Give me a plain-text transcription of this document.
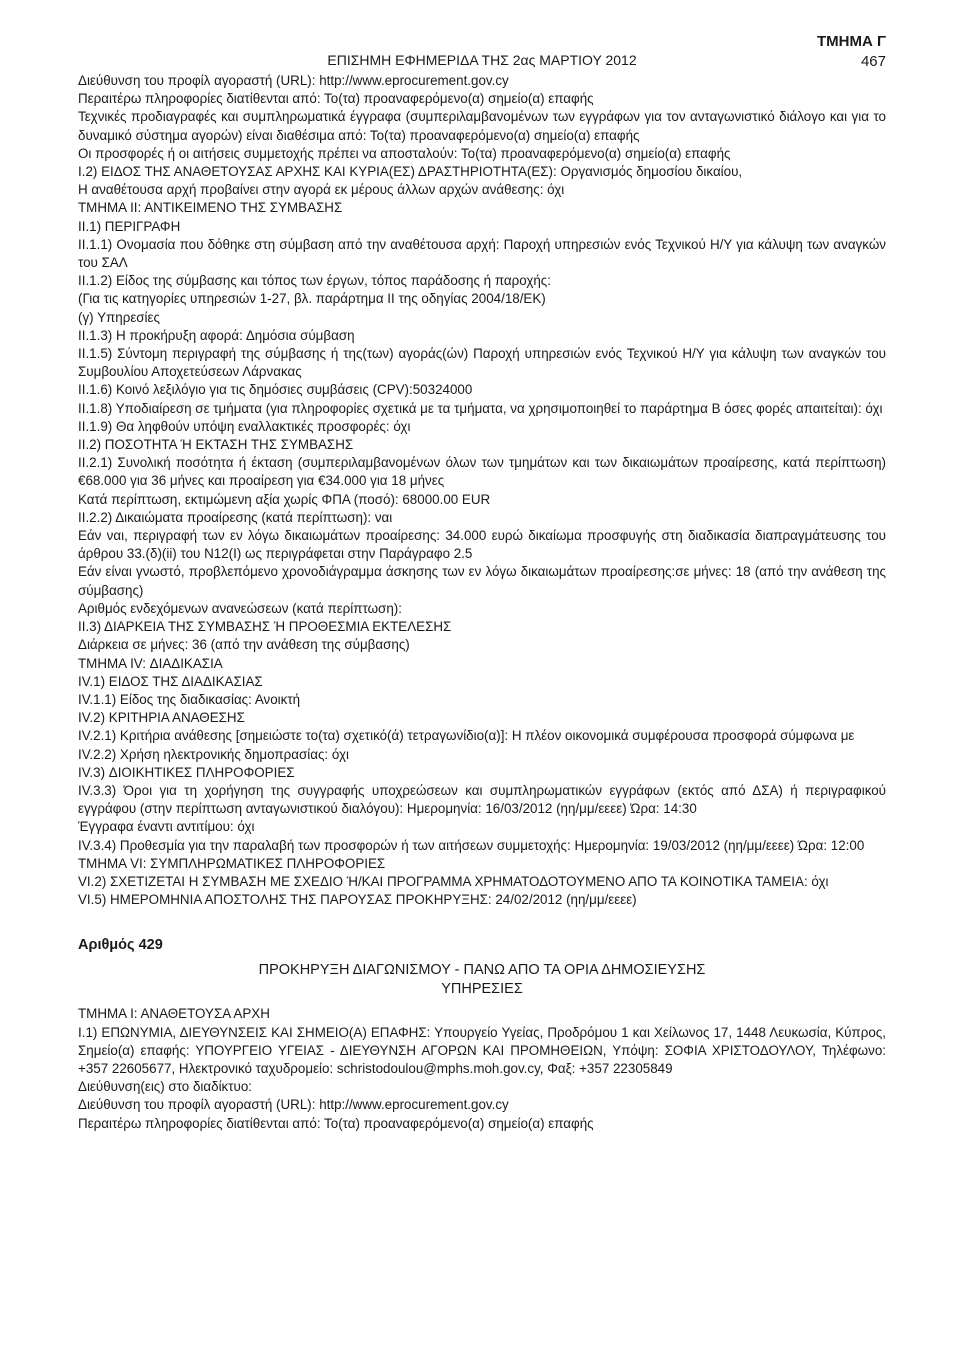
ΕΠΙΣΗΜΗ ΕΦΗΜΕΡΙΔΑ ΤΗΣ 2ας ΜΑΡΤΙΟΥ 2012
ΤΜΗΜΑ Γ
467
Διεύθυνση του προφίλ αγοραστή (URL): http://www.eprocurement.gov.cy
Περαιτέρω πληροφορίες διατίθενται από: Το(τα) προαναφερόμενο(α) σημείο(α) επαφής
Τεχνικές προδιαγραφές και συμπληρωματικά έγγραφα (συμπεριλαμβανομένων των εγγράφων για τον ανταγωνιστικό διάλογο και για το δυναμικό σύστημα αγορών) είναι διαθέσιμα από: Το(τα) προαναφερόμενο(α) σημείο(α) επαφής
Οι προσφορές ή οι αιτήσεις συμμετοχής πρέπει να αποσταλούν: Το(τα) προαναφερόμενο(α) σημείο(α) επαφής
Ι.2) ΕΙΔΟΣ ΤΗΣ ΑΝΑΘΕΤΟΥΣΑΣ ΑΡΧΗΣ ΚΑΙ ΚΥΡΙΑ(ΕΣ) ΔΡΑΣΤΗΡΙΟΤΗΤΑ(ΕΣ): Οργανισμός δημοσίου δικαίου,
Η αναθέτουσα αρχή προβαίνει στην αγορά εκ μέρους άλλων αρχών ανάθεσης: όχι
ΤΜΗΜΑ ΙΙ: ΑΝΤΙΚΕΙΜΕΝΟ ΤΗΣ ΣΥΜΒΑΣΗΣ
ΙΙ.1) ΠΕΡΙΓΡΑΦΗ
ΙΙ.1.1) Ονομασία που δόθηκε στη σύμβαση από την αναθέτουσα αρχή: Παροχή υπηρεσιών ενός Τεχνικού Η/Υ για κάλυψη των αναγκών του ΣΑΛ
ΙΙ.1.2) Είδος της σύμβασης και τόπος των έργων, τόπος παράδοσης ή παροχής:
(Για τις κατηγορίες υπηρεσιών 1-27, βλ. παράρτημα ΙΙ της οδηγίας 2004/18/ΕΚ)
(γ) Υπηρεσίες
ΙΙ.1.3) Η προκήρυξη αφορά: Δημόσια σύμβαση
ΙΙ.1.5) Σύντομη περιγραφή της σύμβασης ή της(των) αγοράς(ών) Παροχή υπηρεσιών ενός Τεχνικού Η/Υ για κάλυψη των αναγκών του Συμβουλίου Αποχετεύσεων Λάρνακας
ΙΙ.1.6) Κοινό λεξιλόγιο για τις δημόσιες συμβάσεις (CPV):50324000
ΙΙ.1.8) Υποδιαίρεση σε τμήματα (για πληροφορίες σχετικά με τα τμήματα, να χρησιμοποιηθεί το παράρτημα Β όσες φορές απαιτείται): όχι
ΙΙ.1.9) Θα ληφθούν υπόψη εναλλακτικές προσφορές: όχι
ΙΙ.2) ΠΟΣΟΤΗΤΑ Ή ΕΚΤΑΣΗ ΤΗΣ ΣΥΜΒΑΣΗΣ
ΙΙ.2.1) Συνολική ποσότητα ή έκταση (συμπεριλαμβανομένων όλων των τμημάτων και των δικαιωμάτων προαίρεσης, κατά περίπτωση)€68.000 για 36 μήνες και προαίρεση για €34.000 για 18 μήνες
Κατά περίπτωση, εκτιμώμενη αξία χωρίς ΦΠΑ (ποσό): 68000.00 EUR
ΙΙ.2.2) Δικαιώματα προαίρεσης (κατά περίπτωση): ναι
Εάν ναι, περιγραφή των εν λόγω δικαιωμάτων προαίρεσης: 34.000 ευρώ δικαίωμα προσφυγής στη διαδικασία διαπραγμάτευσης του άρθρου 33.(δ)(ii) του Ν12(Ι) ως περιγράφεται στην Παράγραφο 2.5
Εάν είναι γνωστό, προβλεπόμενο χρονοδιάγραμμα άσκησης των εν λόγω δικαιωμάτων προαίρεσης:σε μήνες: 18 (από την ανάθεση της σύμβασης)
Αριθμός ενδεχόμενων ανανεώσεων (κατά περίπτωση):
ΙΙ.3) ΔΙΑΡΚΕΙΑ ΤΗΣ ΣΥΜΒΑΣΗΣ Ή ΠΡΟΘΕΣΜΙΑ ΕΚΤΕΛΕΣΗΣ
Διάρκεια σε μήνες: 36 (από την ανάθεση της σύμβασης)
ΤΜΗΜΑ IV: ΔΙΑΔΙΚΑΣΙΑ
IV.1) ΕΙΔΟΣ ΤΗΣ ΔΙΑΔΙΚΑΣΙΑΣ
IV.1.1) Είδος της διαδικασίας: Ανοικτή
IV.2) ΚΡΙΤΗΡΙΑ ΑΝΑΘΕΣΗΣ
IV.2.1) Κριτήρια ανάθεσης [σημειώστε το(τα) σχετικό(ά) τετραγωνίδιο(α)]: Η πλέον οικονομικά συμφέρουσα προσφορά σύμφωνα με
IV.2.2) Χρήση ηλεκτρονικής δημοπρασίας: όχι
IV.3) ΔΙΟΙΚΗΤΙΚΕΣ ΠΛΗΡΟΦΟΡΙΕΣ
IV.3.3) Όροι για τη χορήγηση της συγγραφής υποχρεώσεων και συμπληρωματικών εγγράφων (εκτός από ΔΣΑ) ή περιγραφικού εγγράφου (στην περίπτωση ανταγωνιστικού διαλόγου): Ημερομηνία: 16/03/2012 (ηη/μμ/εεεε) Ώρα: 14:30
Έγγραφα έναντι αντιτίμου: όχι
IV.3.4) Προθεσμία για την παραλαβή των προσφορών ή των αιτήσεων συμμετοχής: Ημερομηνία: 19/03/2012 (ηη/μμ/εεεε) Ώρα: 12:00
ΤΜΗΜΑ VI: ΣΥΜΠΛΗΡΩΜΑΤΙΚΕΣ ΠΛΗΡΟΦΟΡΙΕΣ
VI.2) ΣΧΕΤΙΖΕΤΑΙ Η ΣΥΜΒΑΣΗ ΜΕ ΣΧΕΔΙΟ Ή/ΚΑΙ ΠΡΟΓΡΑΜΜΑ ΧΡΗΜΑΤΟΔΟΤΟΥΜΕΝΟ ΑΠΟ ΤΑ ΚΟΙΝΟΤΙΚΑ ΤΑΜΕΙΑ: όχι
VI.5) ΗΜΕΡΟΜΗΝΙΑ ΑΠΟΣΤΟΛΗΣ ΤΗΣ ΠΑΡΟΥΣΑΣ ΠΡΟΚΗΡΥΞΗΣ: 24/02/2012 (ηη/μμ/εεεε)
Αριθμός 429
ΠΡΟΚΗΡΥΞΗ ΔΙΑΓΩΝΙΣΜΟΥ - ΠΑΝΩ ΑΠΟ ΤΑ ΟΡΙΑ ΔΗΜΟΣΙΕΥΣΗΣ
ΥΠΗΡΕΣΙΕΣ
ΤΜΗΜΑ Ι: ΑΝΑΘΕΤΟΥΣΑ ΑΡΧΗ
Ι.1) ΕΠΩΝΥΜΙΑ, ΔΙΕΥΘΥΝΣΕΙΣ ΚΑΙ ΣΗΜΕΙΟ(Α) ΕΠΑΦΗΣ: Υπουργείο Υγείας, Προδρόμου 1 και Χείλωνος 17, 1448 Λευκωσία, Κύπρος, Σημείο(α) επαφής: ΥΠΟΥΡΓΕΙΟ ΥΓΕΙΑΣ - ΔΙΕΥΘΥΝΣΗ ΑΓΟΡΩΝ ΚΑΙ ΠΡΟΜΗΘΕΙΩΝ, Υπόψη: ΣΟΦΙΑ ΧΡΙΣΤΟΔΟΥΛΟΥ, Τηλέφωνο: +357 22605677, Ηλεκτρονικό ταχυδρομείο: schristodoulou@mphs.moh.gov.cy, Φαξ: +357 22305849
Διεύθυνση(εις) στο διαδίκτυο:
Διεύθυνση του προφίλ αγοραστή (URL): http://www.eprocurement.gov.cy
Περαιτέρω πληροφορίες διατίθενται από: Το(τα) προαναφερόμενο(α) σημείο(α) επαφής
